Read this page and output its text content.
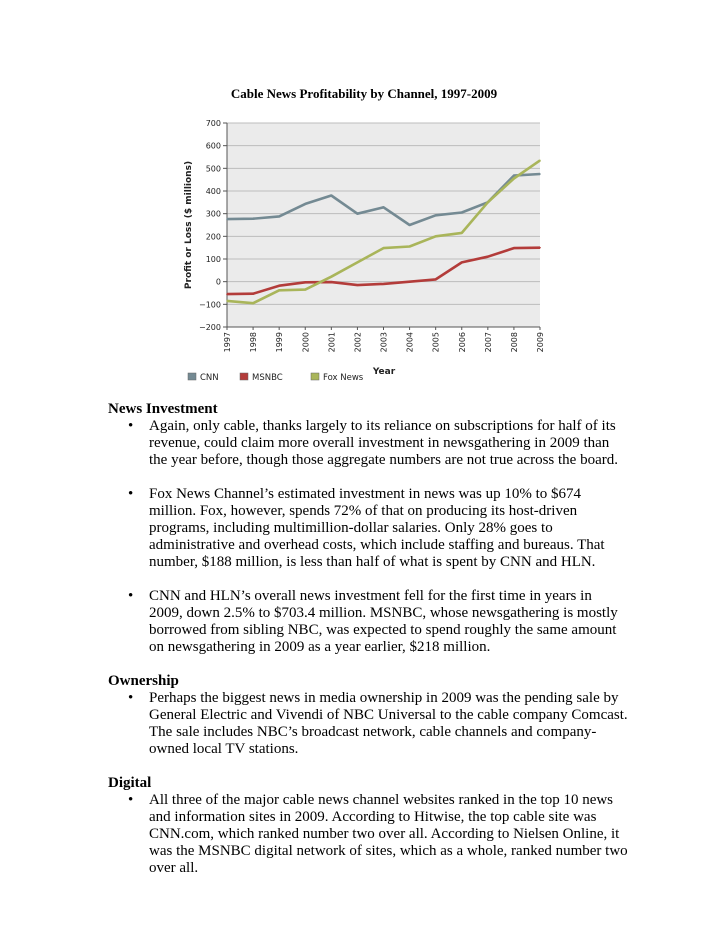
Cable News Profitability by Channel, 1997-2009
700
600
500
400
300
200
100
0
−100
−200
1997 1998 1999 2000 2001 2002 2003 2004 2005 2006 2007 2008 2009
Year
Profit or Loss ($ millions)
CNN	MSNBC	Fox News
News Investment
• Again, only cable, thanks largely to its reliance on subscriptions for half of its revenue, could claim more overall investment in newsgathering in 2009 than the year before, though those aggregate numbers are not true across the board.
• Fox News Channel’s estimated investment in news was up 10% to $674 million. Fox, however, spends 72% of that on producing its host-driven programs, including multimillion-dollar salaries. Only 28% goes to administrative and overhead costs, which include staffing and bureaus. That number, $188 million, is less than half of what is spent by CNN and HLN.
• CNN and HLN’s overall news investment fell for the first time in years in 2009, down 2.5% to $703.4 million. MSNBC, whose newsgathering is mostly borrowed from sibling NBC, was expected to spend roughly the same amount on newsgathering in 2009 as a year earlier, $218 million.
Ownership
• Perhaps the biggest news in media ownership in 2009 was the pending sale by General Electric and Vivendi of NBC Universal to the cable company Comcast. The sale includes NBC’s broadcast network, cable channels and company-owned local TV stations.
Digital
• All three of the major cable news channel websites ranked in the top 10 news and information sites in 2009. According to Hitwise, the top cable site was CNN.com, which ranked number two over all. According to Nielsen Online, it was the MSNBC digital network of sites, which as a whole, ranked number two over all.
